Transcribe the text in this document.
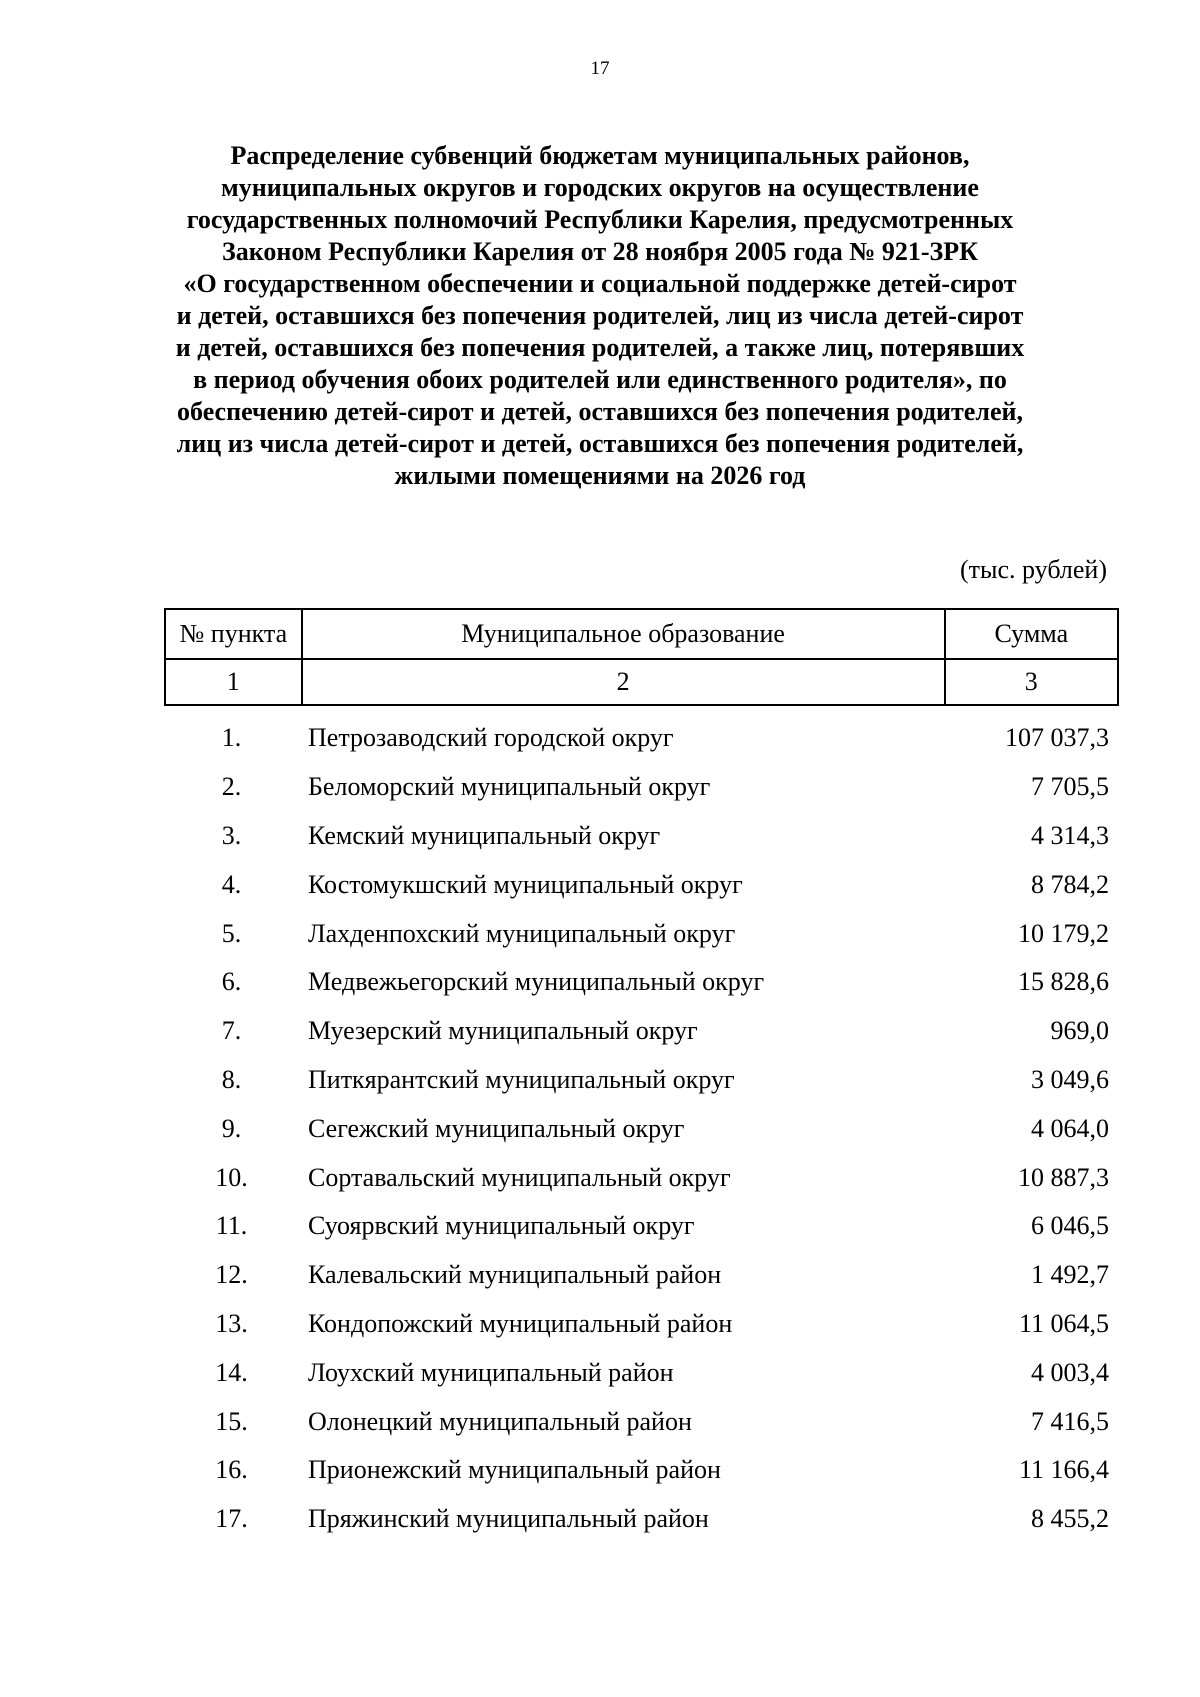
17
Распределение субвенций бюджетам муниципальных районов,
муниципальных округов и городских округов на осуществление
государственных полномочий Республики Карелия, предусмотренных
Законом Республики Карелия от 28 ноября 2005 года № 921-ЗРК
«О государственном обеспечении и социальной поддержке детей-сирот
и детей, оставшихся без попечения родителей, лиц из числа детей-сирот
и детей, оставшихся без попечения родителей, а также лиц, потерявших
в период обучения обоих родителей или единственного родителя», по
обеспечению детей-сирот и детей, оставшихся без попечения родителей,
лиц из числа детей-сирот и детей, оставшихся без попечения родителей,
жилыми помещениями на 2026 год
(тыс. рублей)
№ пункта	Муниципальное образование	Сумма
1	2	3
1.	Петрозаводский городской округ	107 037,3
2.	Беломорский муниципальный округ	7 705,5
3.	Кемский муниципальный округ	4 314,3
4.	Костомукшский муниципальный округ	8 784,2
5.	Лахденпохский муниципальный округ	10 179,2
6.	Медвежьегорский муниципальный округ	15 828,6
7.	Муезерский муниципальный округ	969,0
8.	Питкярантский муниципальный округ	3 049,6
9.	Сегежский муниципальный округ	4 064,0
10.	Сортавальский муниципальный округ	10 887,3
11.	Суоярвский муниципальный округ	6 046,5
12.	Калевальский муниципальный район	1 492,7
13.	Кондопожский муниципальный район	11 064,5
14.	Лоухский муниципальный район	4 003,4
15.	Олонецкий муниципальный район	7 416,5
16.	Прионежский муниципальный район	11 166,4
17.	Пряжинский муниципальный район	8 455,2
